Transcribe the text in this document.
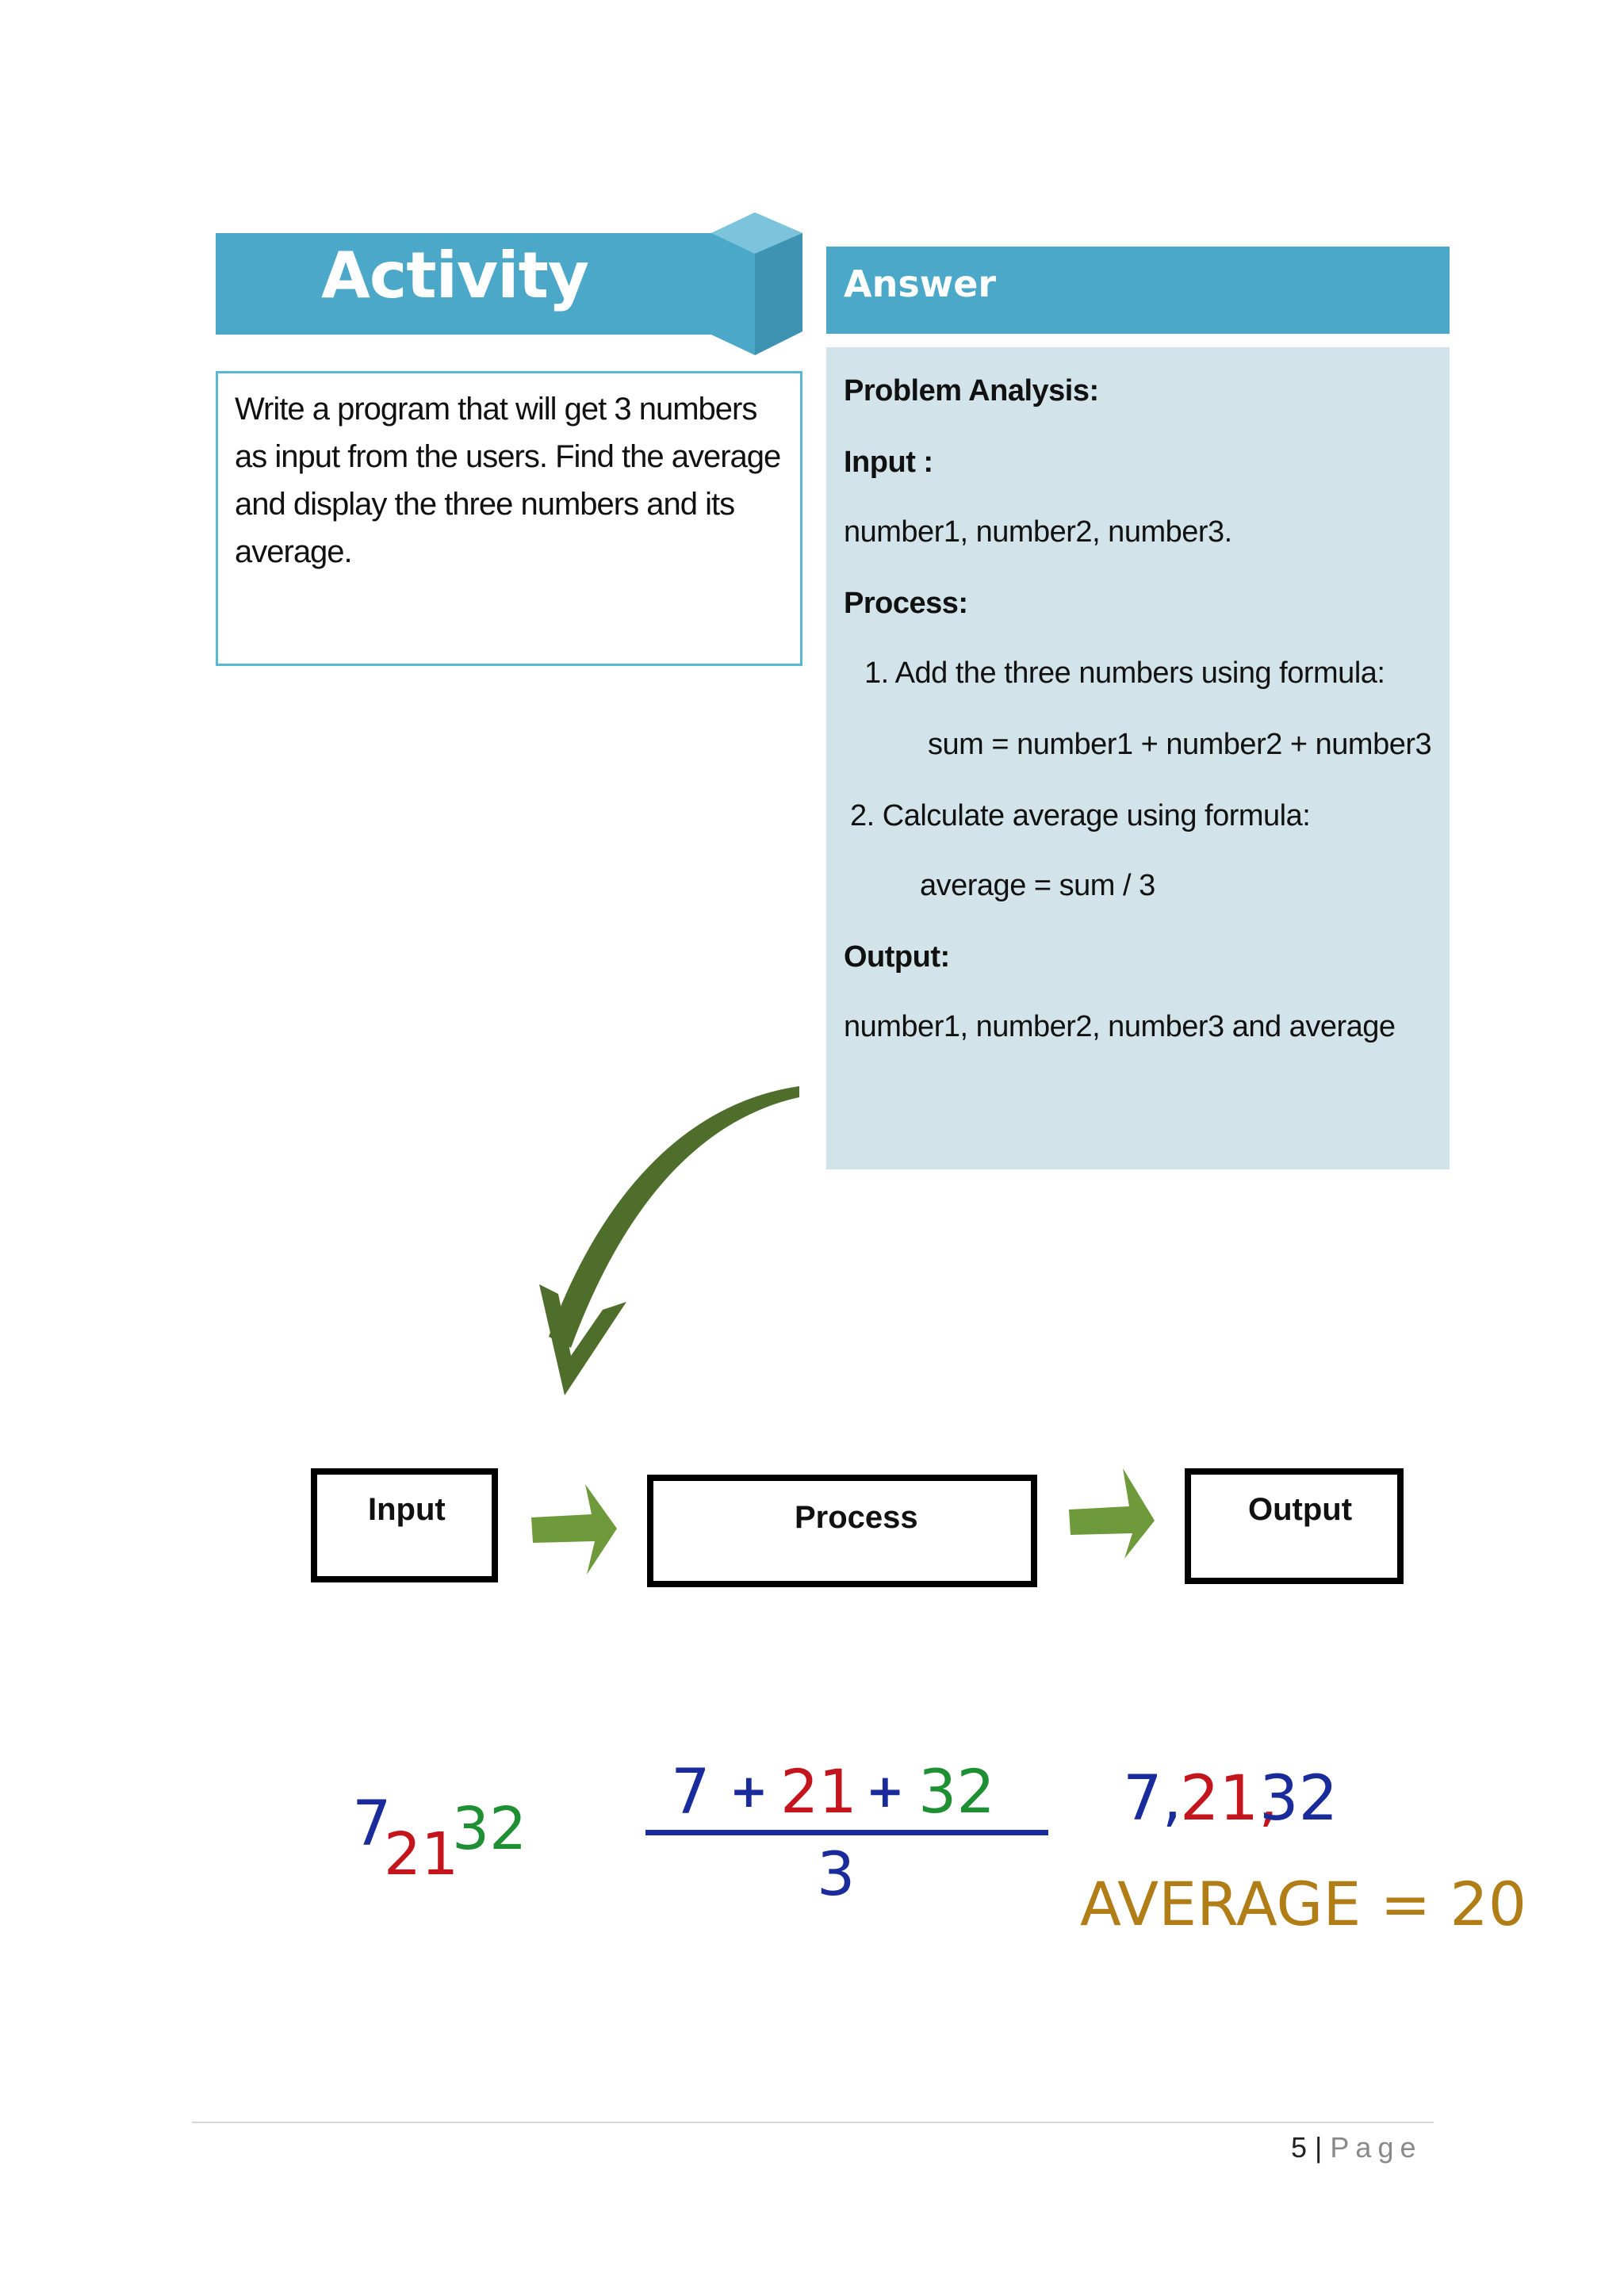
Activity
Write a program that will get 3 numbers as input from the users. Find the average and display the three numbers and its average.
Answer
Problem Analysis:
Input :
number1, number2, number3.
Process:
1. Add the three numbers using formula:
sum = number1 + number2 + number3
2. Calculate average using formula:
average = sum / 3
Output:
number1, number2, number3 and average
Input	Process	Output
7
21
32
7 + 21 + 32
3
7,
21,
32
AVERAGE = 20
5 | Page
